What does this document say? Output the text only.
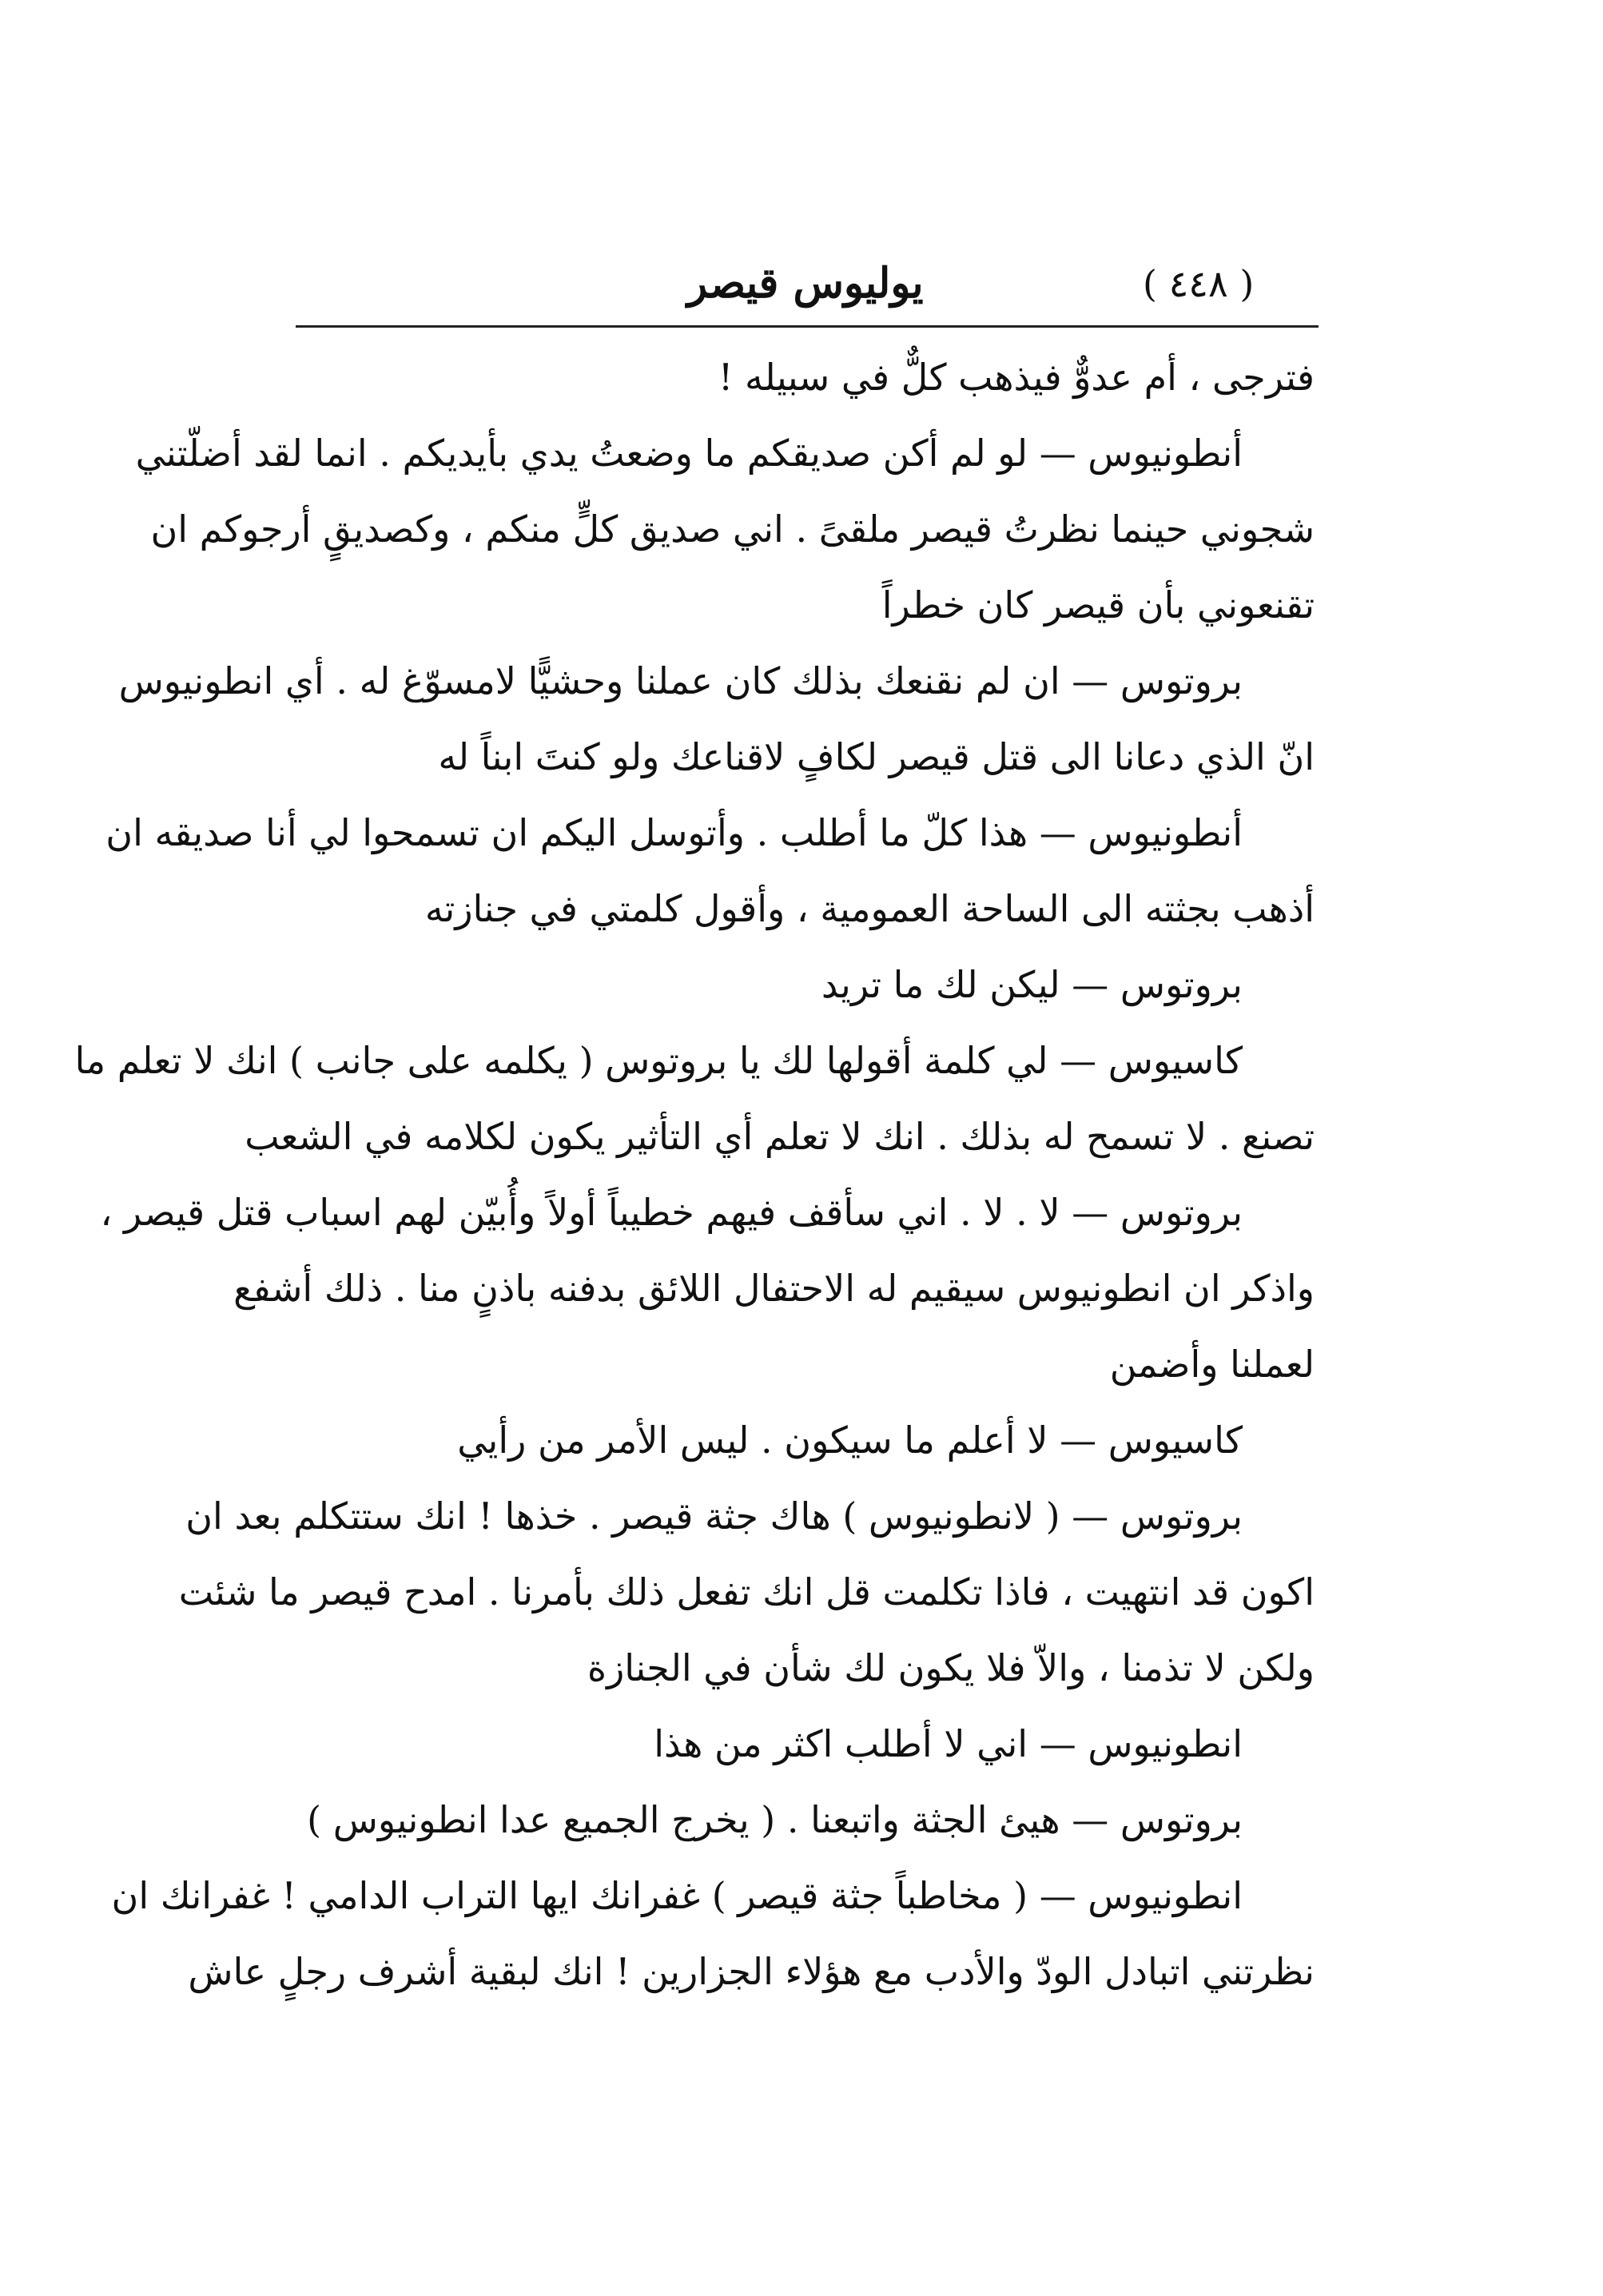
( ٤٤٨ )
يوليوس قيصر
فترجى ، أم عدوٌّ فيذهب كلٌّ في سبيله !
أنطونيوس — لو لم أكن صديقكم ما وضعتُ يدي بأيديكم . انما لقد أضلّتني
شجوني حينما نظرتُ قيصر ملقىً . اني صديق كلٍّ منكم ، وكصديقٍ أرجوكم ان
تقنعوني بأن قيصر كان خطراً
بروتوس — ان لم نقنعك بذلك كان عملنا وحشيًّا لامسوّغ له . أي انطونيوس
انّ الذي دعانا الى قتل قيصر لكافٍ لاقناعك ولو كنتَ ابناً له
أنطونيوس — هذا كلّ ما أطلب . وأتوسل اليكم ان تسمحوا لي أنا صديقه ان
أذهب بجثته الى الساحة العمومية ، وأقول كلمتي في جنازته
بروتوس — ليكن لك ما تريد
كاسيوس — لي كلمة أقولها لك يا بروتوس ( يكلمه على جانب ) انك لا تعلم ما
تصنع . لا تسمح له بذلك . انك لا تعلم أي التأثير يكون لكلامه في الشعب
بروتوس — لا . لا . اني سأقف فيهم خطيباً أولاً وأُبيّن لهم اسباب قتل قيصر ،
واذكر ان انطونيوس سيقيم له الاحتفال اللائق بدفنه باذنٍ منا . ذلك أشفع
لعملنا وأضمن
كاسيوس — لا أعلم ما سيكون . ليس الأمر من رأيي
بروتوس — ( لانطونيوس ) هاك جثة قيصر . خذها ! انك ستتكلم بعد ان
اكون قد انتهيت ، فاذا تكلمت قل انك تفعل ذلك بأمرنا . امدح قيصر ما شئت
ولكن لا تذمنا ، والاّ فلا يكون لك شأن في الجنازة
انطونيوس — اني لا أطلب اكثر من هذا
بروتوس — هيئ الجثة واتبعنا . ( يخرج الجميع عدا انطونيوس )
انطونيوس — ( مخاطباً جثة قيصر ) غفرانك ايها التراب الدامي ! غفرانك ان
نظرتني اتبادل الودّ والأدب مع هؤلاء الجزارين ! انك لبقية أشرف رجلٍ عاش
